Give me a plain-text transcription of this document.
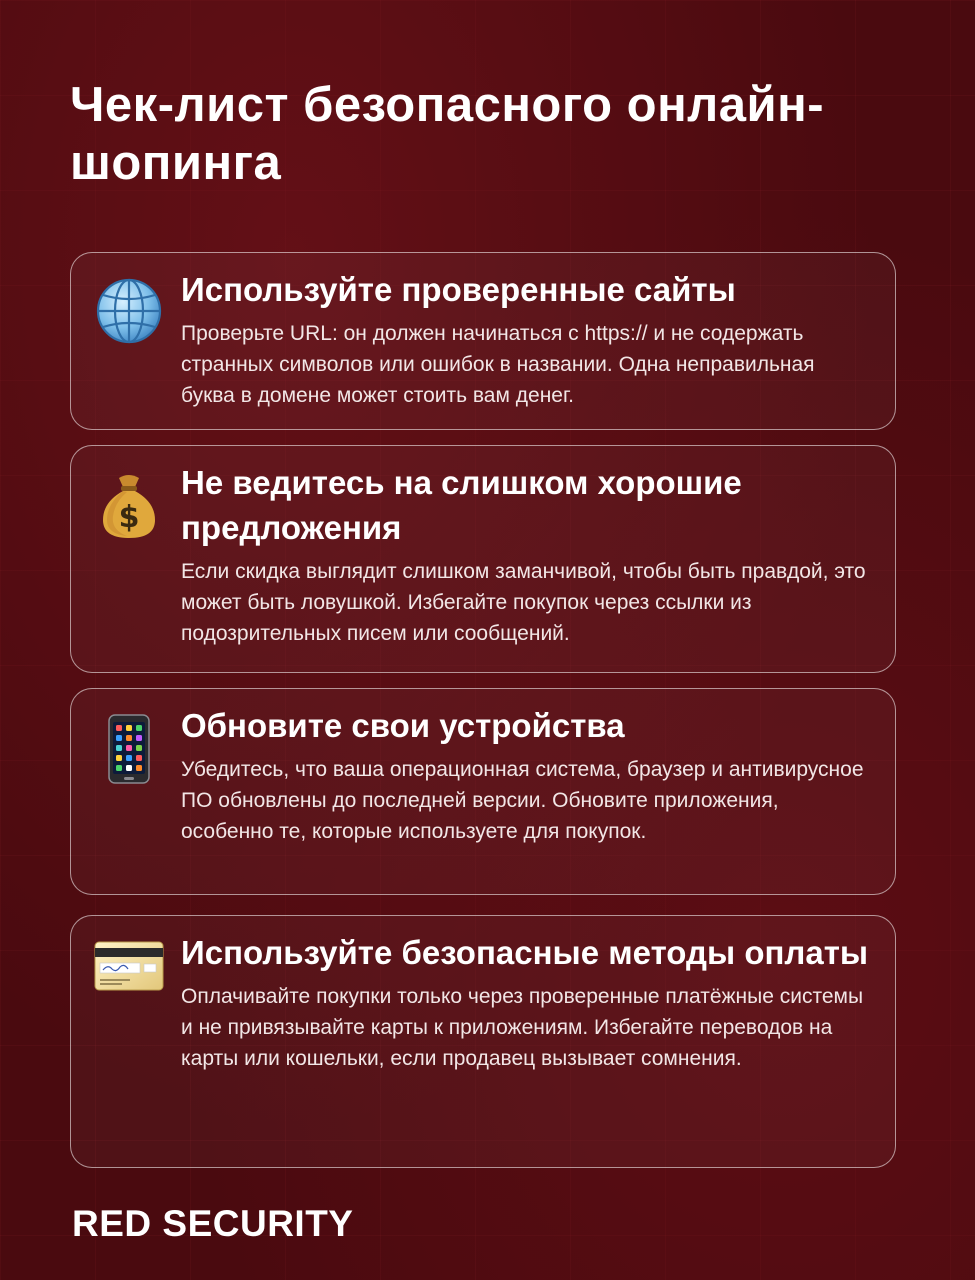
Чек-лист безопасного онлайн-шопинга
Используйте проверенные сайты

Проверьте URL: он должен начинаться с https:// и не содержать странных символов или ошибок в названии. Одна неправильная буква в домене может стоить вам денег.

$
Не ведитесь на слишком хорошие предложения

Если скидка выглядит слишком заманчивой, чтобы быть правдой, это может быть ловушкой. Избегайте покупок через ссылки из подозрительных писем или сообщений.

Обновите свои устройства

Убедитесь, что ваша операционная система, браузер и антивирусное ПО обновлены до последней версии. Обновите приложения, особенно те, которые используете для покупок.

Используйте безопасные методы оплаты

Оплачивайте покупки только через проверенные платёжные системы и не привязывайте карты к приложениям. Избегайте переводов на карты или кошельки, если продавец вызывает сомнения.

RED SECURITY
